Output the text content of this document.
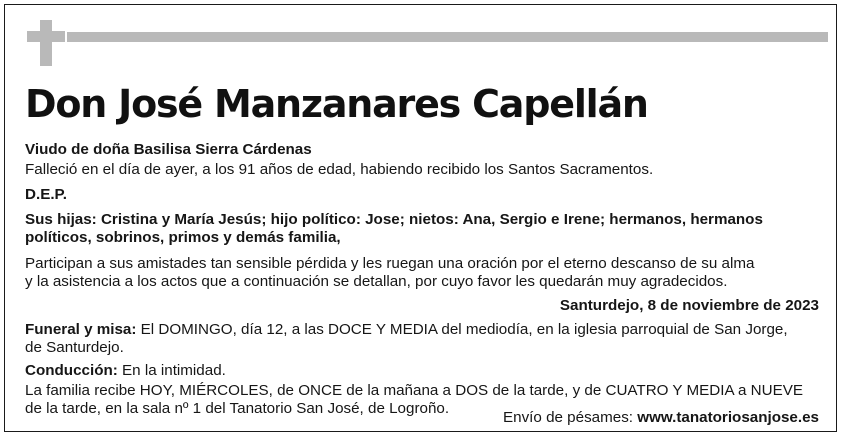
Don José Manzanares Capellán
Viudo de doña Basilisa Sierra Cárdenas
Falleció en el día de ayer, a los 91 años de edad, habiendo recibido los Santos Sacramentos.
D.E.P.
Sus hijas: Cristina y María Jesús; hijo político: Jose; nietos: Ana, Sergio e Irene; hermanos, hermanos
políticos, sobrinos, primos y demás familia,
Participan a sus amistades tan sensible pérdida y les ruegan una oración por el eterno descanso de su alma
y la asistencia a los actos que a continuación se detallan, por cuyo favor les quedarán muy agradecidos.
Santurdejo, 8 de noviembre de 2023
Funeral y misa: El DOMINGO, día 12, a las DOCE Y MEDIA del mediodía, en la iglesia parroquial de San Jorge,
de Santurdejo.
Conducción: En la intimidad.
La familia recibe HOY, MIÉRCOLES, de ONCE de la mañana a DOS de la tarde, y de CUATRO Y MEDIA a NUEVE
de la tarde, en la sala nº 1 del Tanatorio San José, de Logroño.
Envío de pésames: www.tanatoriosanjose.es
